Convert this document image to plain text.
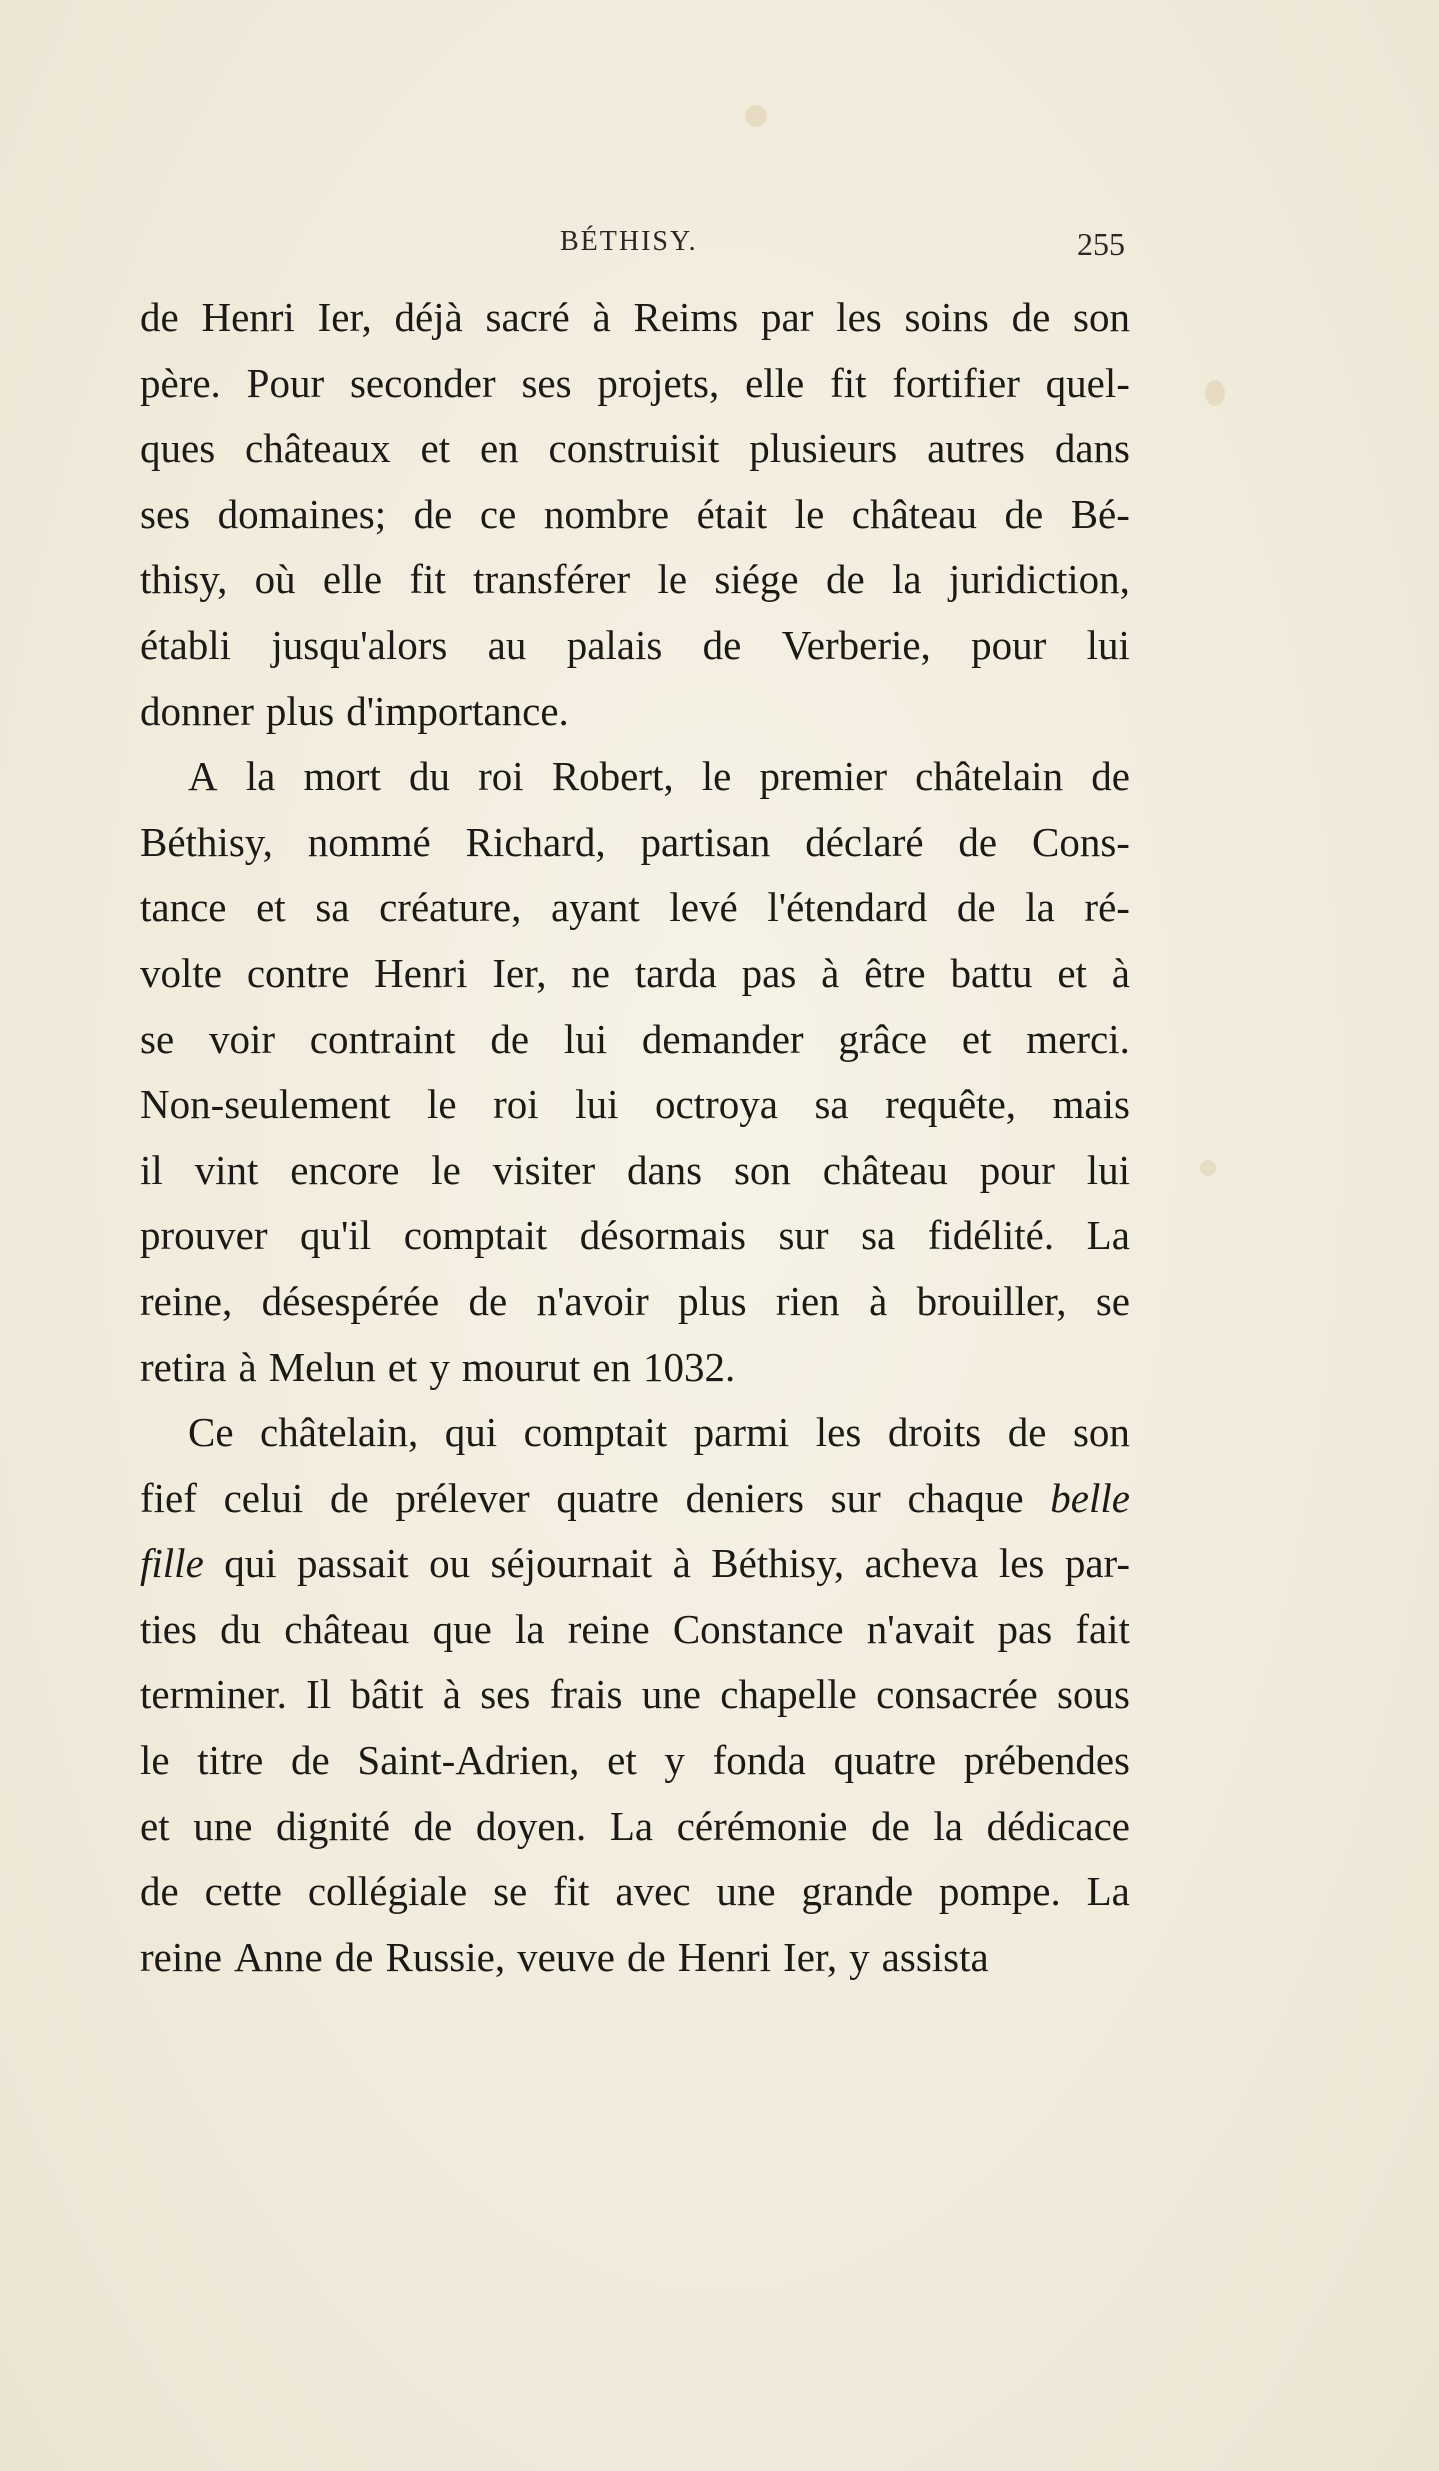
BÉTHISY.	255
de Henri Ier, déjà sacré à Reims par les soins de son
père. Pour seconder ses projets, elle fit fortifier quel-
ques châteaux et en construisit plusieurs autres dans
ses domaines; de ce nombre était le château de Bé-
thisy, où elle fit transférer le siége de la juridiction,
établi jusqu'alors au palais de Verberie, pour lui
donner plus d'importance.
A la mort du roi Robert, le premier châtelain de
Béthisy, nommé Richard, partisan déclaré de Cons-
tance et sa créature, ayant levé l'étendard de la ré-
volte contre Henri Ier, ne tarda pas à être battu et à
se voir contraint de lui demander grâce et merci.
Non-seulement le roi lui octroya sa requête, mais
il vint encore le visiter dans son château pour lui
prouver qu'il comptait désormais sur sa fidélité. La
reine, désespérée de n'avoir plus rien à brouiller, se
retira à Melun et y mourut en 1032.
Ce châtelain, qui comptait parmi les droits de son
fief celui de prélever quatre deniers sur chaque belle
fille qui passait ou séjournait à Béthisy, acheva les par-
ties du château que la reine Constance n'avait pas fait
terminer. Il bâtit à ses frais une chapelle consacrée sous
le titre de Saint-Adrien, et y fonda quatre prébendes
et une dignité de doyen. La cérémonie de la dédicace
de cette collégiale se fit avec une grande pompe. La
reine Anne de Russie, veuve de Henri Ier, y assista
